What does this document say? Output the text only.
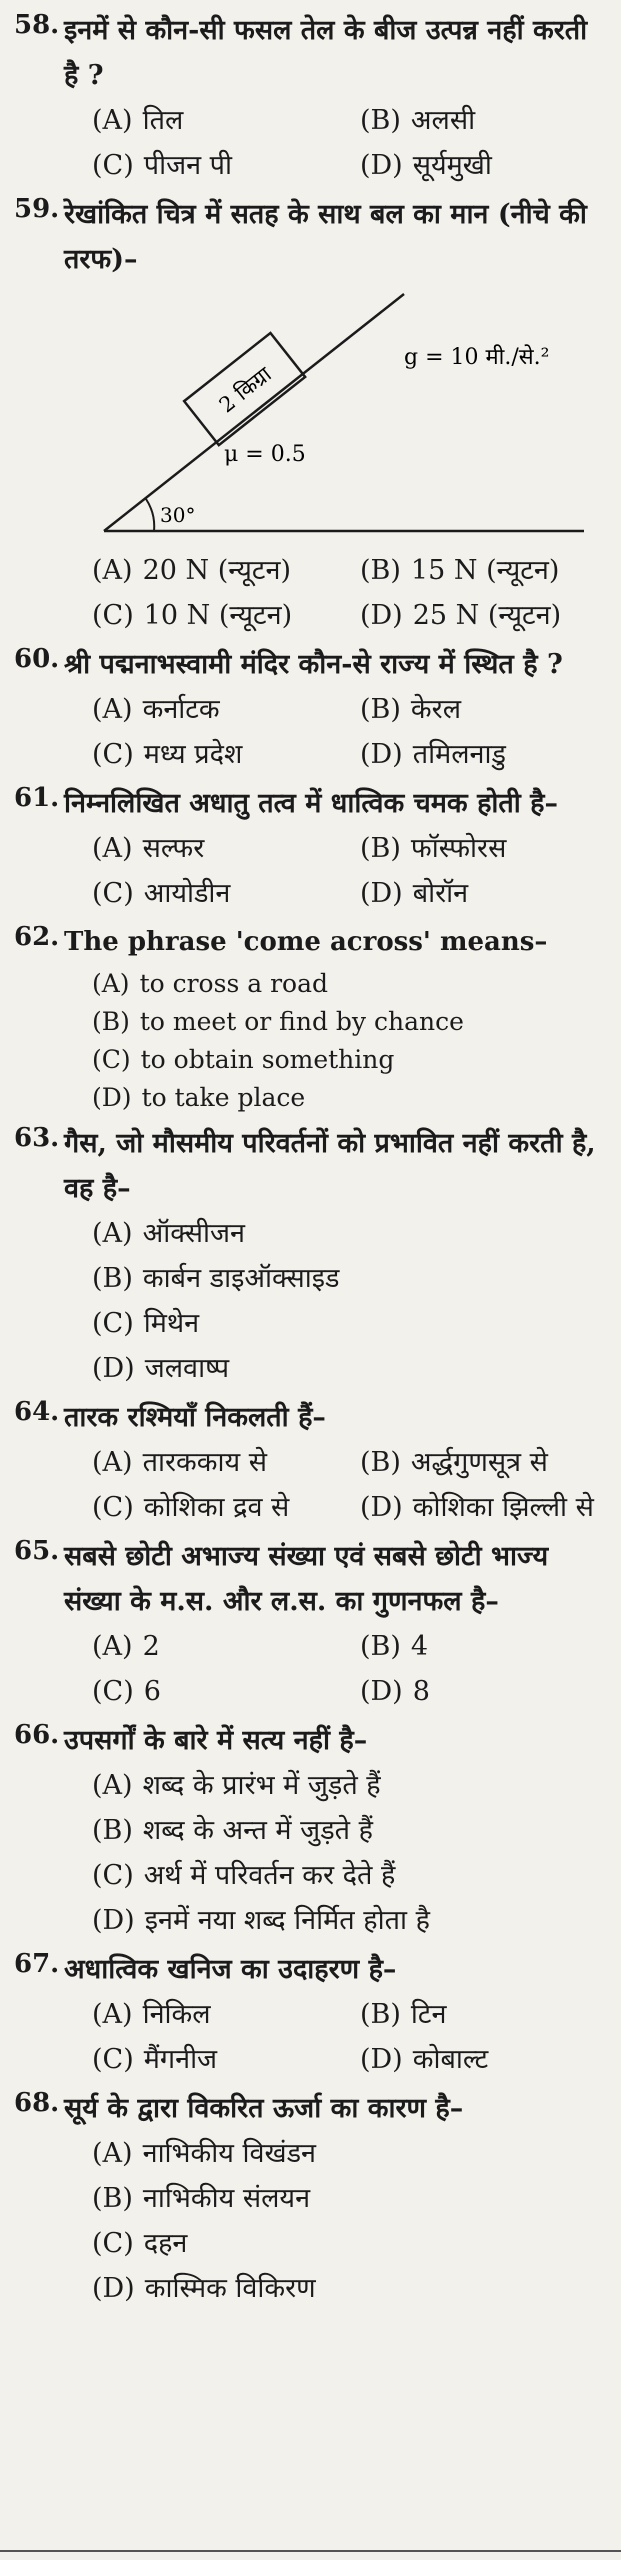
58. इनमें से कौन-सी फसल तेल के बीज उत्पन्न नहीं करती है ?
(A) तिल	(B) अलसी
(C) पीजन पी	(D) सूर्यमुखी
59. रेखांकित चित्र में सतह के साथ बल का मान (नीचे की तरफ)–
30°
2 किग्रा
μ = 0.5
g = 10 मी./से.²
(A) 20 N (न्यूटन)	(B) 15 N (न्यूटन)
(C) 10 N (न्यूटन)	(D) 25 N (न्यूटन)
60. श्री पद्मनाभस्वामी मंदिर कौन-से राज्य में स्थित है ?
(A) कर्नाटक	(B) केरल
(C) मध्य प्रदेश	(D) तमिलनाडु
61. निम्नलिखित अधातु तत्व में धात्विक चमक होती है–
(A) सल्फर	(B) फॉस्फोरस
(C) आयोडीन	(D) बोरॉन
62. The phrase 'come across' means–
(A) to cross a road
(B) to meet or find by chance
(C) to obtain something
(D) to take place
63. गैस, जो मौसमीय परिवर्तनों को प्रभावित नहीं करती है, वह है–
(A) ऑक्सीजन
(B) कार्बन डाइऑक्साइड
(C) मिथेन
(D) जलवाष्प
64. तारक रश्मियाँ निकलती हैं–
(A) तारककाय से	(B) अर्द्धगुणसूत्र से
(C) कोशिका द्रव से	(D) कोशिका झिल्ली से
65. सबसे छोटी अभाज्य संख्या एवं सबसे छोटी भाज्य संख्या के म.स. और ल.स. का गुणनफल है–
(A) 2	(B) 4
(C) 6	(D) 8
66. उपसर्गों के बारे में सत्य नहीं है–
(A) शब्द के प्रारंभ में जुड़ते हैं
(B) शब्द के अन्त में जुड़ते हैं
(C) अर्थ में परिवर्तन कर देते हैं
(D) इनमें नया शब्द निर्मित होता है
67. अधात्विक खनिज का उदाहरण है–
(A) निकिल	(B) टिन
(C) मैंगनीज	(D) कोबाल्ट
68. सूर्य के द्वारा विकरित ऊर्जा का कारण है–
(A) नाभिकीय विखंडन
(B) नाभिकीय संलयन
(C) दहन
(D) कास्मिक विकिरण
